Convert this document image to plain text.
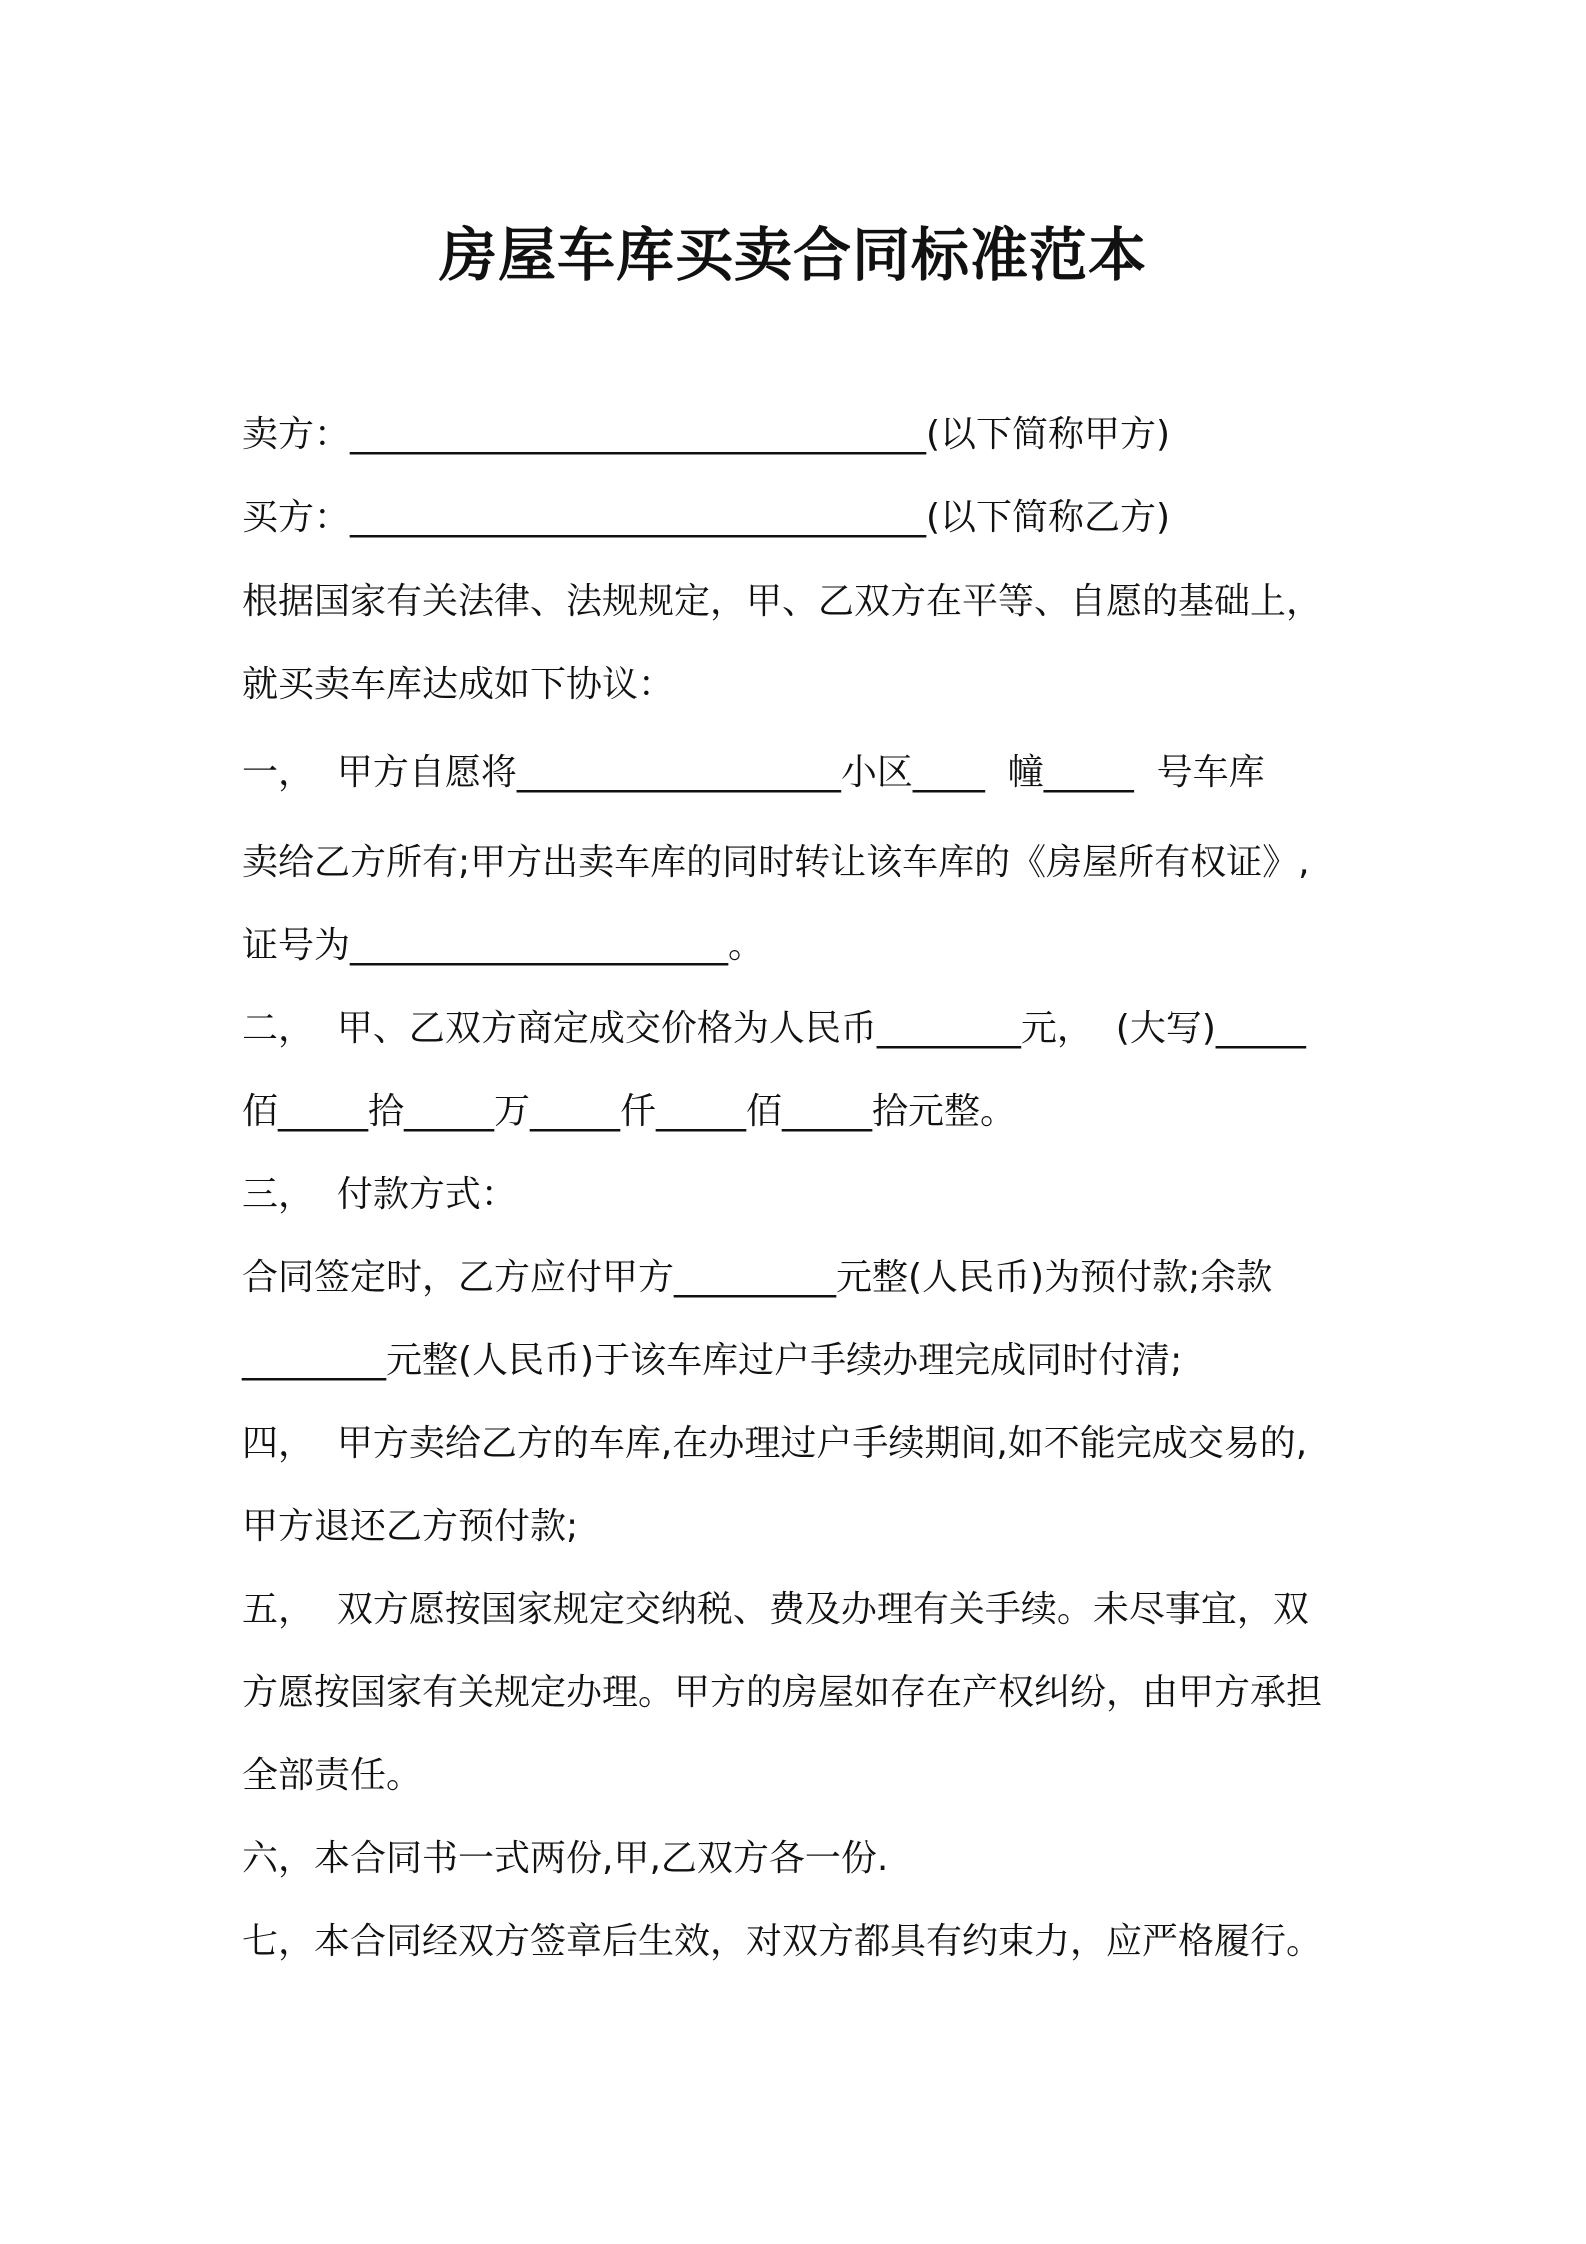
房屋车库买卖合同标准范本
卖方：________________________________(以下简称甲方)
买方：________________________________(以下简称乙方)
根据国家有关法律、法规规定，甲、乙双方在平等、自愿的基础上，
就买卖车库达成如下协议：
一，  甲方自愿将__________________小区____  幢_____  号车库
卖给乙方所有;甲方出卖车库的同时转让该车库的《房屋所有权证》,
证号为_____________________。
二，  甲、乙双方商定成交价格为人民币________元，  (大写)_____
佰_____拾_____万_____仟_____佰_____拾元整。
三，  付款方式：
合同签定时，乙方应付甲方_________元整(人民币)为预付款;余款
________元整(人民币)于该车库过户手续办理完成同时付清;
四，  甲方卖给乙方的车库,在办理过户手续期间,如不能完成交易的,
甲方退还乙方预付款;
五，  双方愿按国家规定交纳税、费及办理有关手续。未尽事宜，双
方愿按国家有关规定办理。甲方的房屋如存在产权纠纷，由甲方承担
全部责任。
六，本合同书一式两份,甲,乙双方各一份.
七，本合同经双方签章后生效，对双方都具有约束力，应严格履行。
